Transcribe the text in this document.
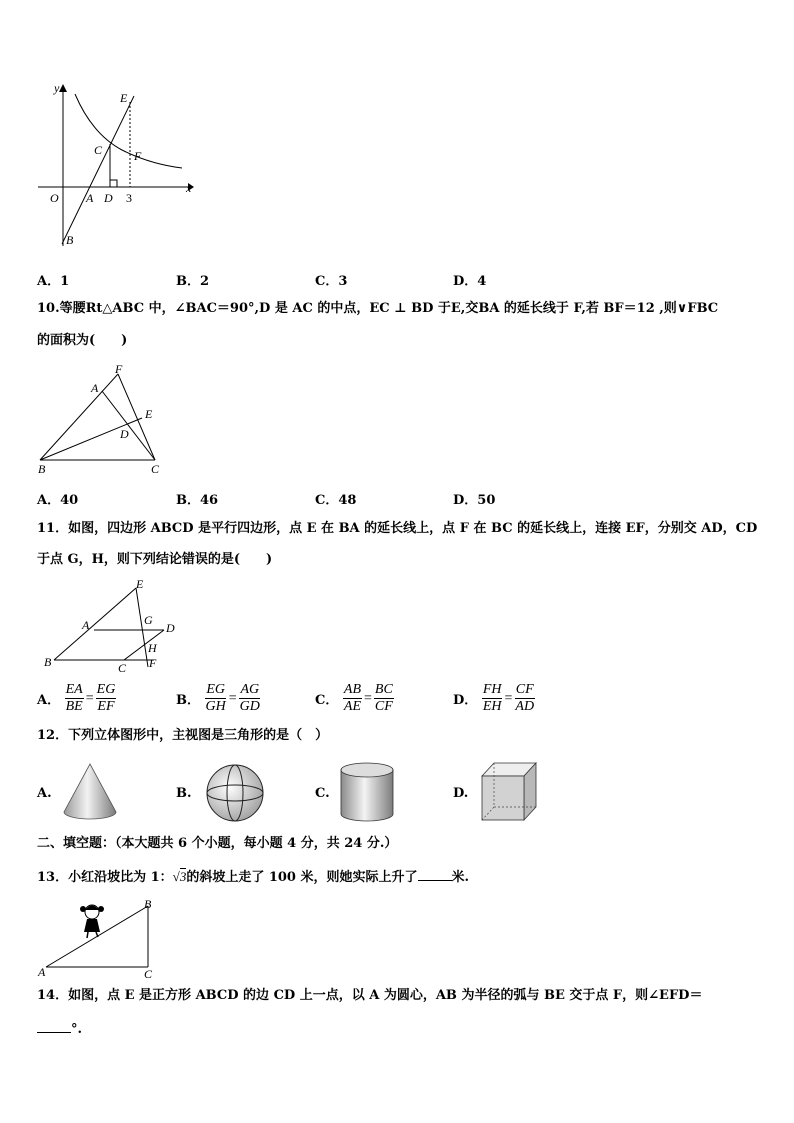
y
x
O A D 3
B
C
E
F
A．1	B．2	C．3	D．4
10.等腰Rt△ABC 中，∠BAC＝90°,D 是 AC 的中点，EC ⊥ BD 于E,交BA 的延长线于 F,若 BF＝12 ,则∨FBC
的面积为(　　)
A
F
E
D
B	C
A．40	B．46	C．48	D．50
11．如图，四边形 ABCD 是平行四边形，点 E 在 BA 的延长线上，点 F 在 BC 的延长线上，连接 EF，分别交 AD，CD
于点 G，H，则下列结论错误的是(　　)
E
A	G
D
B	C
H
F
A． $\frac{EA}{BE} = \frac{EG}{EF}$	B． $\frac{EG}{GH} = \frac{AG}{GD}$	C． $\frac{AB}{AE} = \frac{BC}{CF}$	D． $\frac{FH}{EH} = \frac{CF}{AD}$
12．下列立体图形中，主视图是三角形的是（　）
A.	B.	C.	D.
二、填空题：（本大题共 6 个小题，每小题 4 分，共 24 分.）
13．小红沿坡比为 1：√3的斜坡上走了 100 米，则她实际上升了	米.
B
A	C
14．如图，点 E 是正方形 ABCD 的边 CD 上一点，以 A 为圆心，AB 为半径的弧与 BE 交于点 F，则∠EFD＝
°.
